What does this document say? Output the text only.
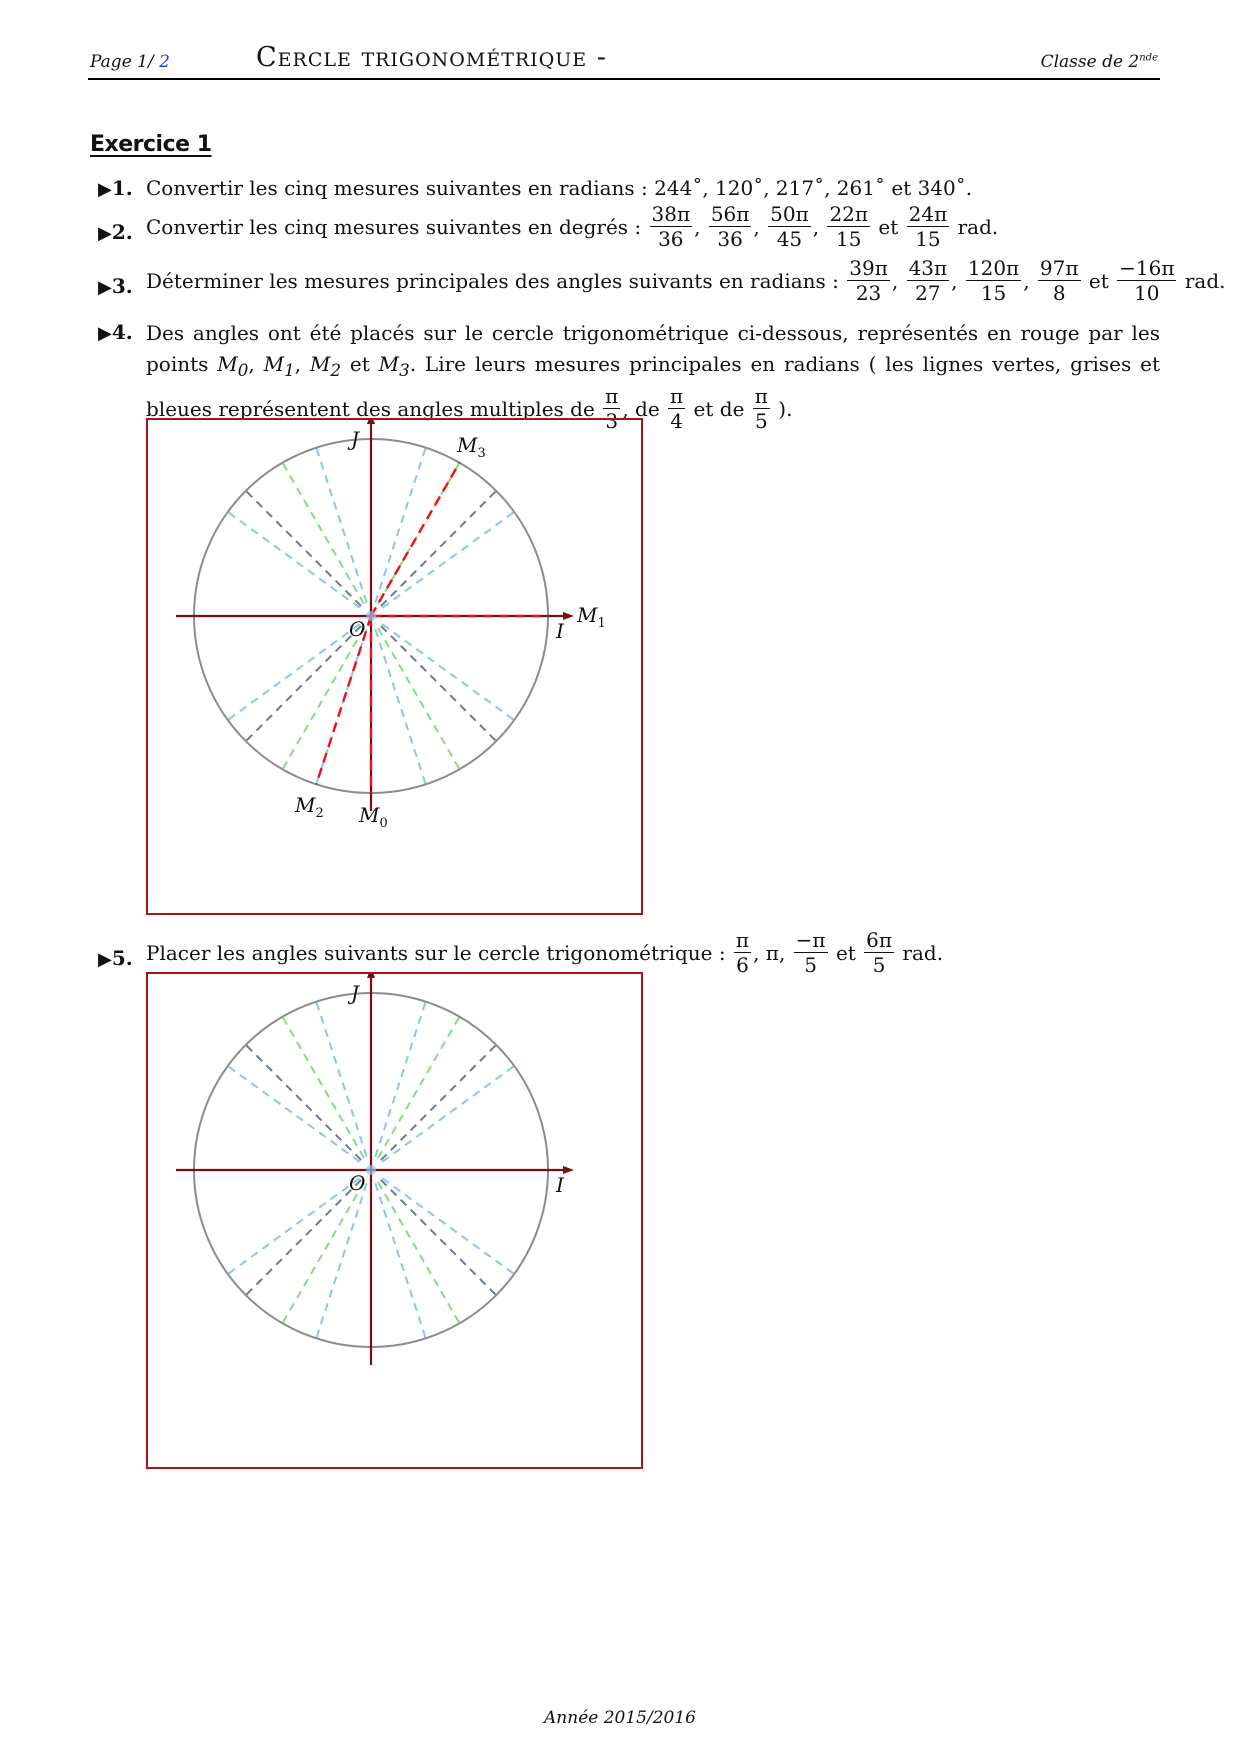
Page 1/ 2	Cercle trigonométrique -	Classe de 2nde
Exercice 1
▶1. Convertir les cinq mesures suivantes en radians : 244˚, 120˚, 217˚, 261˚ et 340˚.
▶2. Convertir les cinq mesures suivantes en degrés : $\frac{38\pi}{36}$ , $\frac{56\pi}{36}$ , $\frac{50\pi}{45}$ , $\frac{22\pi}{15}$ et $\frac{24\pi}{15}$ rad.
▶3. Déterminer les mesures principales des angles suivants en radians : $\frac{39\pi}{23}$ , $\frac{43\pi}{27}$ , $\frac{120\pi}{15}$ , $\frac{97\pi}{8}$ et $\frac{-16\pi}{10}$ rad.
▶4. Des angles ont été placés sur le cercle trigonométrique ci-dessous, représentés en rouge par les points $M_0$, $M_1$, $M_2$ et $M_3$. Lire leurs mesures principales en radians ( les lignes vertes, grises et bleues représentent des angles multiples de $\frac{\pi}{3}$ , de $\frac{\pi}{4}$ et de $\frac{\pi}{5}$ ).
J
I
O
$M_0$
$M_1$
$M_2$
$M_3$
▶5. Placer les angles suivants sur le cercle trigonométrique : $\frac{\pi}{6}$ , π, $\frac{-\pi}{5}$ et $\frac{6\pi}{5}$ rad.
J
I
O
Année 2015/2016
